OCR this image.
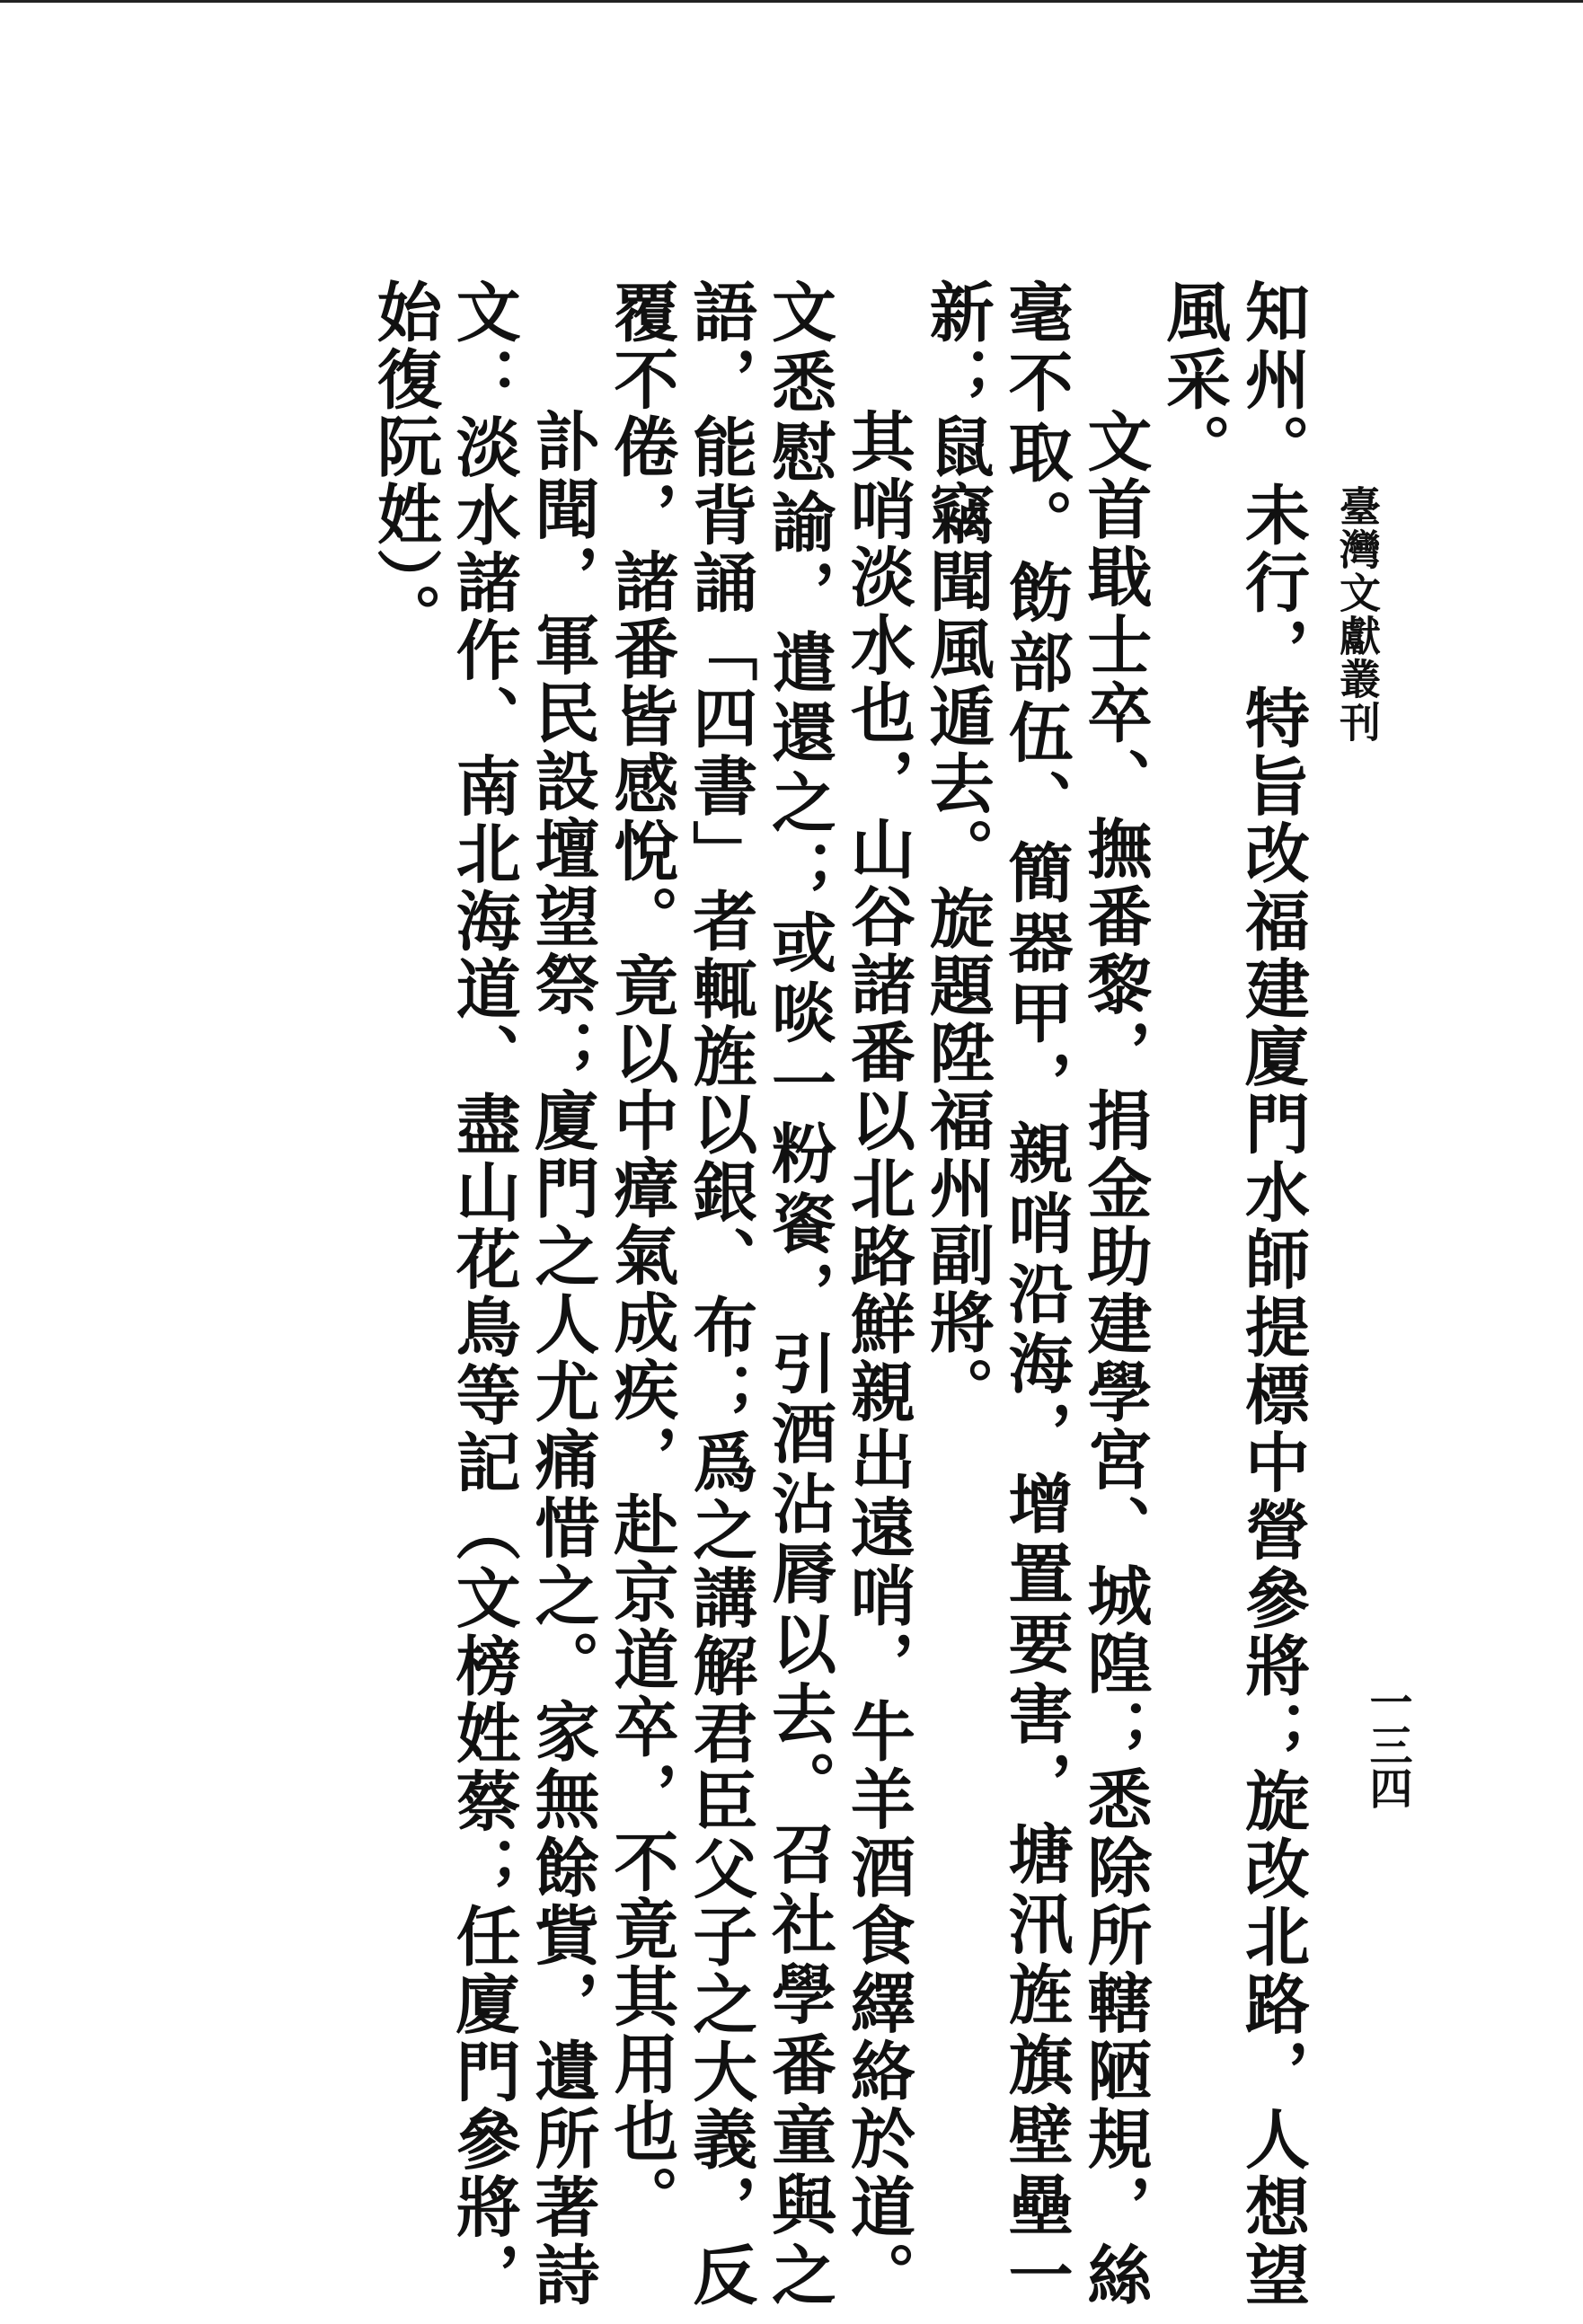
臺灣文獻叢刊
一三四

知州。未行，特旨改福建廈門水師提標中營參將；旋改北路，人想望風采。

文首戢士卒、撫番黎，捐金助建學宮、城隍；悉除所轄陋規，絲毫不取。飭部伍、簡器甲，親哨沿海，增置要害，塘汛旌旗壁壘一新；鼠竊聞風遁去。旋題陞福州副將。

其哨淡水也，山谷諸番以北路鮮親出遠哨，牛羊酒食繹絡於道。文悉慰諭，遣還之；或啖一粉餈，引酒沾脣以去。召社學番童與之語，能背誦「四書」者輒旌以銀、布；爲之講解君臣父子之大義，反覆不倦，諸番皆感悅。竟以中瘴氣成疾，赴京道卒，不竟其用也。

訃聞，軍民設壇望祭；廈門之人尤痛惜之。家無餘貲，遺所著詩文：淡水諸作、南北海道、盡山花鳥等記（文榜姓蔡；任廈門參將，始復阮姓）。
